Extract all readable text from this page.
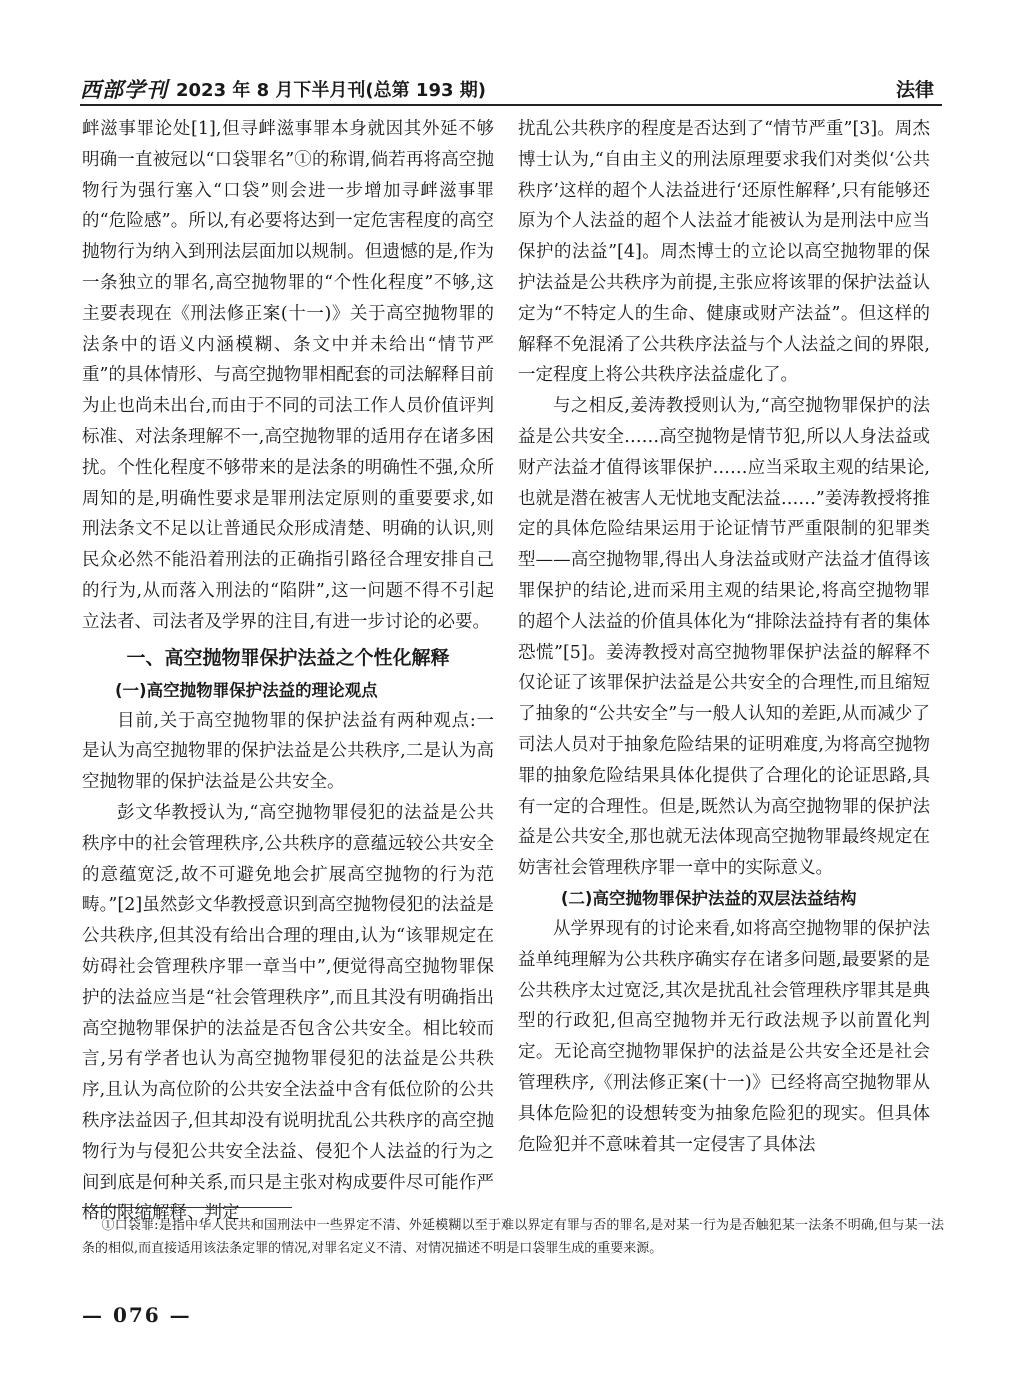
西部学刊 2023 年 8 月下半月刊(总第 193 期)	法律

衅滋事罪论处[1],但寻衅滋事罪本身就因其外延不够明确一直被冠以“口袋罪名”①的称谓,倘若再将高空抛物行为强行塞入“口袋”则会进一步增加寻衅滋事罪的“危险感”。所以,有必要将达到一定危害程度的高空抛物行为纳入到刑法层面加以规制。但遗憾的是,作为一条独立的罪名,高空抛物罪的“个性化程度”不够,这主要表现在《刑法修正案(十一)》关于高空抛物罪的法条中的语义内涵模糊、条文中并未给出“情节严重”的具体情形、与高空抛物罪相配套的司法解释目前为止也尚未出台,而由于不同的司法工作人员价值评判标准、对法条理解不一,高空抛物罪的适用存在诸多困扰。个性化程度不够带来的是法条的明确性不强,众所周知的是,明确性要求是罪刑法定原则的重要要求,如刑法条文不足以让普通民众形成清楚、明确的认识,则民众必然不能沿着刑法的正确指引路径合理安排自己的行为,从而落入刑法的“陷阱”,这一问题不得不引起立法者、司法者及学界的注目,有进一步讨论的必要。

一、高空抛物罪保护法益之个性化解释
(一)高空抛物罪保护法益的理论观点

目前,关于高空抛物罪的保护法益有两种观点:一是认为高空抛物罪的保护法益是公共秩序,二是认为高空抛物罪的保护法益是公共安全。

彭文华教授认为,“高空抛物罪侵犯的法益是公共秩序中的社会管理秩序,公共秩序的意蕴远较公共安全的意蕴宽泛,故不可避免地会扩展高空抛物的行为范畴。”[2]虽然彭文华教授意识到高空抛物侵犯的法益是公共秩序,但其没有给出合理的理由,认为“该罪规定在妨碍社会管理秩序罪一章当中”,便觉得高空抛物罪保护的法益应当是“社会管理秩序”,而且其没有明确指出高空抛物罪保护的法益是否包含公共安全。相比较而言,另有学者也认为高空抛物罪侵犯的法益是公共秩序,且认为高位阶的公共安全法益中含有低位阶的公共秩序法益因子,但其却没有说明扰乱公共秩序的高空抛物行为与侵犯公共安全法益、侵犯个人法益的行为之间到底是何种关系,而只是主张对构成要件尽可能作严格的限缩解释、判定

扰乱公共秩序的程度是否达到了“情节严重”[3]。周杰博士认为,“自由主义的刑法原理要求我们对类似‘公共秩序’这样的超个人法益进行‘还原性解释’,只有能够还原为个人法益的超个人法益才能被认为是刑法中应当保护的法益”[4]。周杰博士的立论以高空抛物罪的保护法益是公共秩序为前提,主张应将该罪的保护法益认定为“不特定人的生命、健康或财产法益”。但这样的解释不免混淆了公共秩序法益与个人法益之间的界限,一定程度上将公共秩序法益虚化了。

与之相反,姜涛教授则认为,“高空抛物罪保护的法益是公共安全……高空抛物是情节犯,所以人身法益或财产法益才值得该罪保护……应当采取主观的结果论,也就是潜在被害人无忧地支配法益……”姜涛教授将推定的具体危险结果运用于论证情节严重限制的犯罪类型——高空抛物罪,得出人身法益或财产法益才值得该罪保护的结论,进而采用主观的结果论,将高空抛物罪的超个人法益的价值具体化为“排除法益持有者的集体恐慌”[5]。姜涛教授对高空抛物罪保护法益的解释不仅论证了该罪保护法益是公共安全的合理性,而且缩短了抽象的“公共安全”与一般人认知的差距,从而减少了司法人员对于抽象危险结果的证明难度,为将高空抛物罪的抽象危险结果具体化提供了合理化的论证思路,具有一定的合理性。但是,既然认为高空抛物罪的保护法益是公共安全,那也就无法体现高空抛物罪最终规定在妨害社会管理秩序罪一章中的实际意义。

(二)高空抛物罪保护法益的双层法益结构

从学界现有的讨论来看,如将高空抛物罪的保护法益单纯理解为公共秩序确实存在诸多问题,最要紧的是公共秩序太过宽泛,其次是扰乱社会管理秩序罪其是典型的行政犯,但高空抛物并无行政法规予以前置化判定。无论高空抛物罪保护的法益是公共安全还是社会管理秩序,《刑法修正案(十一)》已经将高空抛物罪从具体危险犯的设想转变为抽象危险犯的现实。但具体危险犯并不意味着其一定侵害了具体法

①口袋罪:是指中华人民共和国刑法中一些界定不清、外延模糊以至于难以界定有罪与否的罪名,是对某一行为是否触犯某一法条不明确,但与某一法条的相似,而直接适用该法条定罪的情况,对罪名定义不清、对情况描述不明是口袋罪生成的重要来源。
— 076 —
